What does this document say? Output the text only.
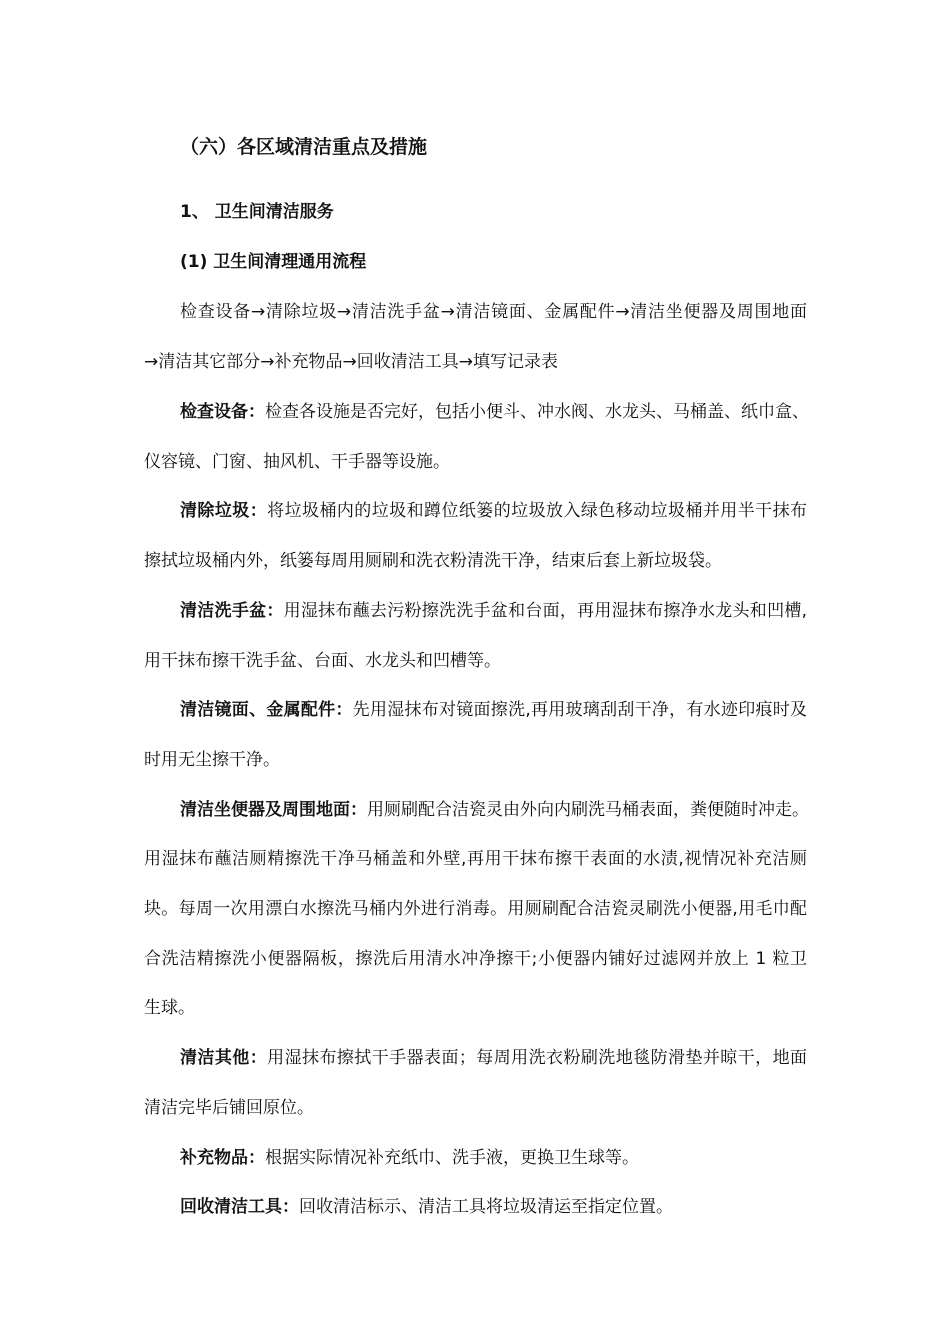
（六）各区域清洁重点及措施
1、 卫生间清洁服务
(1) 卫生间清理通用流程
检查设备→清除垃圾→清洁洗手盆→清洁镜面、金属配件→清洁坐便器及周围地面
→清洁其它部分→补充物品→回收清洁工具→填写记录表
检查设备：检查各设施是否完好，包括小便斗、冲水阀、水龙头、马桶盖、纸巾盒、
仪容镜、门窗、抽风机、干手器等设施。
清除垃圾：将垃圾桶内的垃圾和蹲位纸篓的垃圾放入绿色移动垃圾桶并用半干抹布
擦拭垃圾桶内外，纸篓每周用厕刷和洗衣粉清洗干净，结束后套上新垃圾袋。
清洁洗手盆：用湿抹布蘸去污粉擦洗洗手盆和台面，再用湿抹布擦净水龙头和凹槽,
用干抹布擦干洗手盆、台面、水龙头和凹槽等。
清洁镜面、金属配件：先用湿抹布对镜面擦洗,再用玻璃刮刮干净，有水迹印痕时及
时用无尘擦干净。
清洁坐便器及周围地面：用厕刷配合洁瓷灵由外向内刷洗马桶表面，粪便随时冲走。
用湿抹布蘸洁厕精擦洗干净马桶盖和外壁,再用干抹布擦干表面的水渍,视情况补充洁厕
块。每周一次用漂白水擦洗马桶内外进行消毒。用厕刷配合洁瓷灵刷洗小便器,用毛巾配
合洗洁精擦洗小便器隔板，擦洗后用清水冲净擦干;小便器内铺好过滤网并放上 1 粒卫
生球。
清洁其他：用湿抹布擦拭干手器表面；每周用洗衣粉刷洗地毯防滑垫并晾干，地面
清洁完毕后铺回原位。
补充物品：根据实际情况补充纸巾、洗手液，更换卫生球等。
回收清洁工具：回收清洁标示、清洁工具将垃圾清运至指定位置。
